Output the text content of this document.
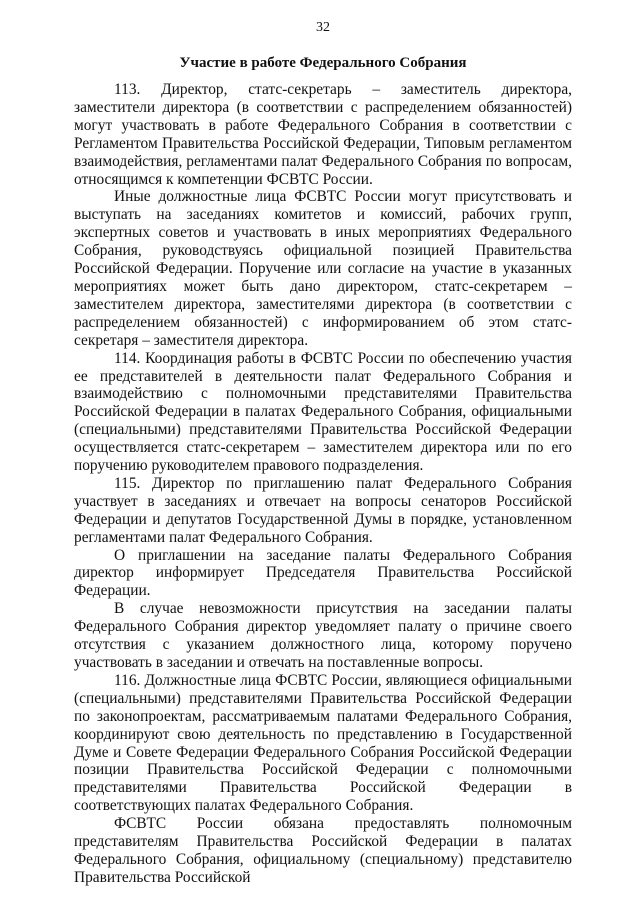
32
Участие в работе Федерального Собрания

113. Директор, статс-секретарь – заместитель директора, заместители директора (в соответствии с распределением обязанностей) могут участвовать в работе Федерального Собрания в соответствии с Регламентом Правительства Российской Федерации, Типовым регламентом взаимодействия, регламентами палат Федерального Собрания по вопросам, относящимся к компетенции ФСВТС России.

Иные должностные лица ФСВТС России могут присутствовать и выступать на заседаниях комитетов и комиссий, рабочих групп, экспертных советов и участвовать в иных мероприятиях Федерального Собрания, руководствуясь официальной позицией Правительства Российской Федерации. Поручение или согласие на участие в указанных мероприятиях может быть дано директором, статс-секретарем – заместителем директора, заместителями директора (в соответствии с распределением обязанностей) с информированием об этом статс-секретаря – заместителя директора.

114. Координация работы в ФСВТС России по обеспечению участия ее представителей в деятельности палат Федерального Собрания и взаимодействию с полномочными представителями Правительства Российской Федерации в палатах Федерального Собрания, официальными (специальными) представителями Правительства Российской Федерации осуществляется статс-секретарем – заместителем директора или по его поручению руководителем правового подразделения.

115. Директор по приглашению палат Федерального Собрания участвует в заседаниях и отвечает на вопросы сенаторов Российской Федерации и депутатов Государственной Думы в порядке, установленном регламентами палат Федерального Собрания.

О приглашении на заседание палаты Федерального Собрания директор информирует Председателя Правительства Российской Федерации.

В случае невозможности присутствия на заседании палаты Федерального Собрания директор уведомляет палату о причине своего отсутствия с указанием должностного лица, которому поручено участвовать в заседании и отвечать на поставленные вопросы.

116. Должностные лица ФСВТС России, являющиеся официальными (специальными) представителями Правительства Российской Федерации по законопроектам, рассматриваемым палатами Федерального Собрания, координируют свою деятельность по представлению в Государственной Думе и Совете Федерации Федерального Собрания Российской Федерации позиции Правительства Российской Федерации с полномочными представителями Правительства Российской Федерации в соответствующих палатах Федерального Собрания.

ФСВТС России обязана предоставлять полномочным представителям Правительства Российской Федерации в палатах Федерального Собрания, официальному (специальному) представителю Правительства Российской
